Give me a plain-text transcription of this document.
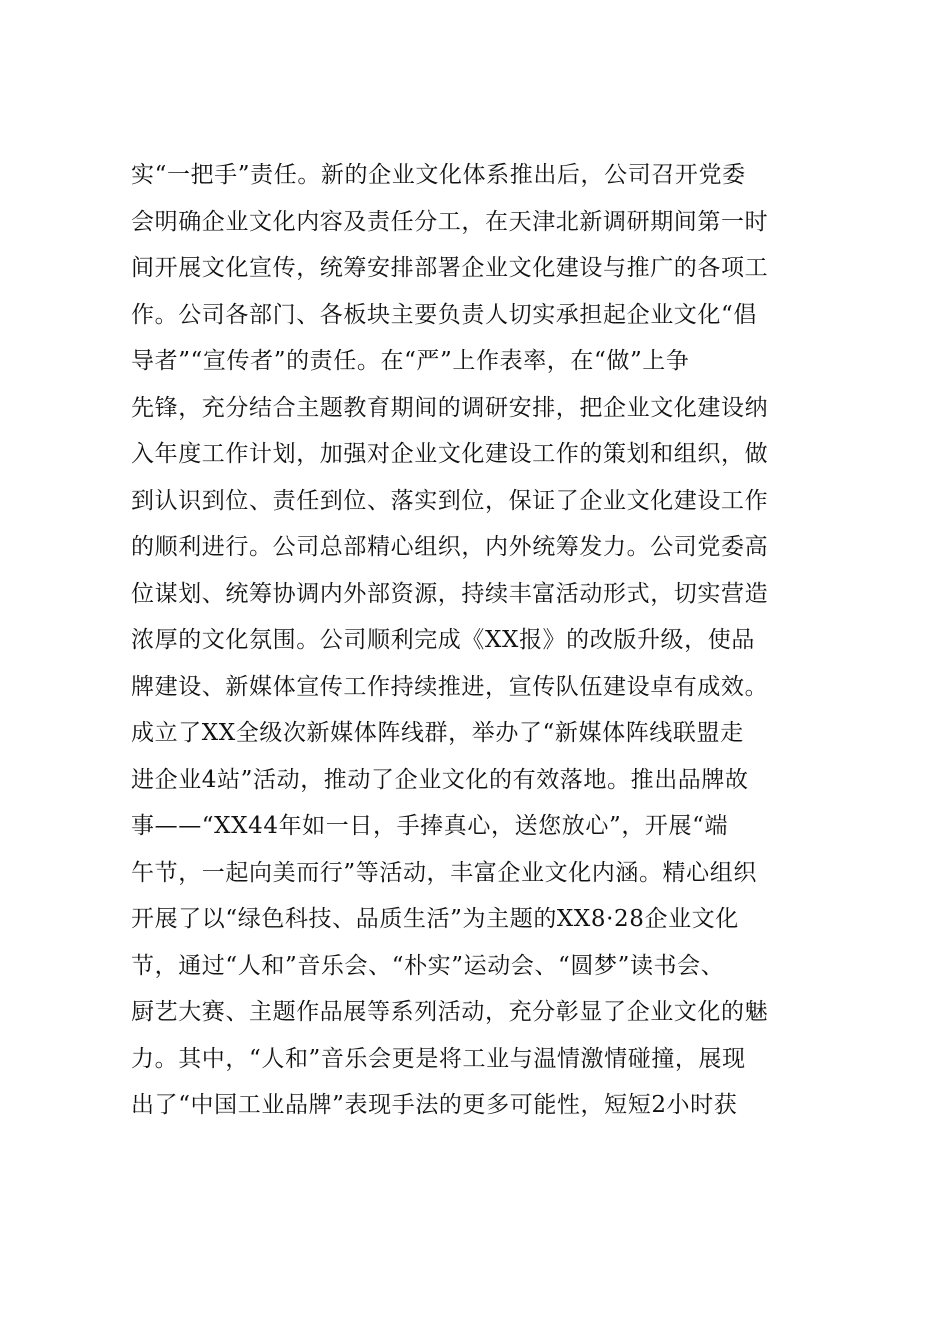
实“一把手”责任。新的企业文化体系推出后，公司召开党委
会明确企业文化内容及责任分工，在天津北新调研期间第一时
间开展文化宣传，统筹安排部署企业文化建设与推广的各项工
作。公司各部门、各板块主要负责人切实承担起企业文化“倡
导者”“宣传者”的责任。在“严”上作表率，在“做”上争
先锋，充分结合主题教育期间的调研安排，把企业文化建设纳
入年度工作计划，加强对企业文化建设工作的策划和组织，做
到认识到位、责任到位、落实到位，保证了企业文化建设工作
的顺利进行。公司总部精心组织，内外统筹发力。公司党委高
位谋划、统筹协调内外部资源，持续丰富活动形式，切实营造
浓厚的文化氛围。公司顺利完成《XX报》的改版升级，使品
牌建设、新媒体宣传工作持续推进，宣传队伍建设卓有成效。
成立了XX全级次新媒体阵线群，举办了“新媒体阵线联盟走
进企业4站”活动，推动了企业文化的有效落地。推出品牌故
事——“XX44年如一日，手捧真心，送您放心”，开展“端
午节，一起向美而行”等活动，丰富企业文化内涵。精心组织
开展了以“绿色科技、品质生活”为主题的XX8·28企业文化
节，通过“人和”音乐会、“朴实”运动会、“圆梦”读书会、
厨艺大赛、主题作品展等系列活动，充分彰显了企业文化的魅
力。其中，“人和”音乐会更是将工业与温情激情碰撞，展现
出了“中国工业品牌”表现手法的更多可能性，短短2小时获
